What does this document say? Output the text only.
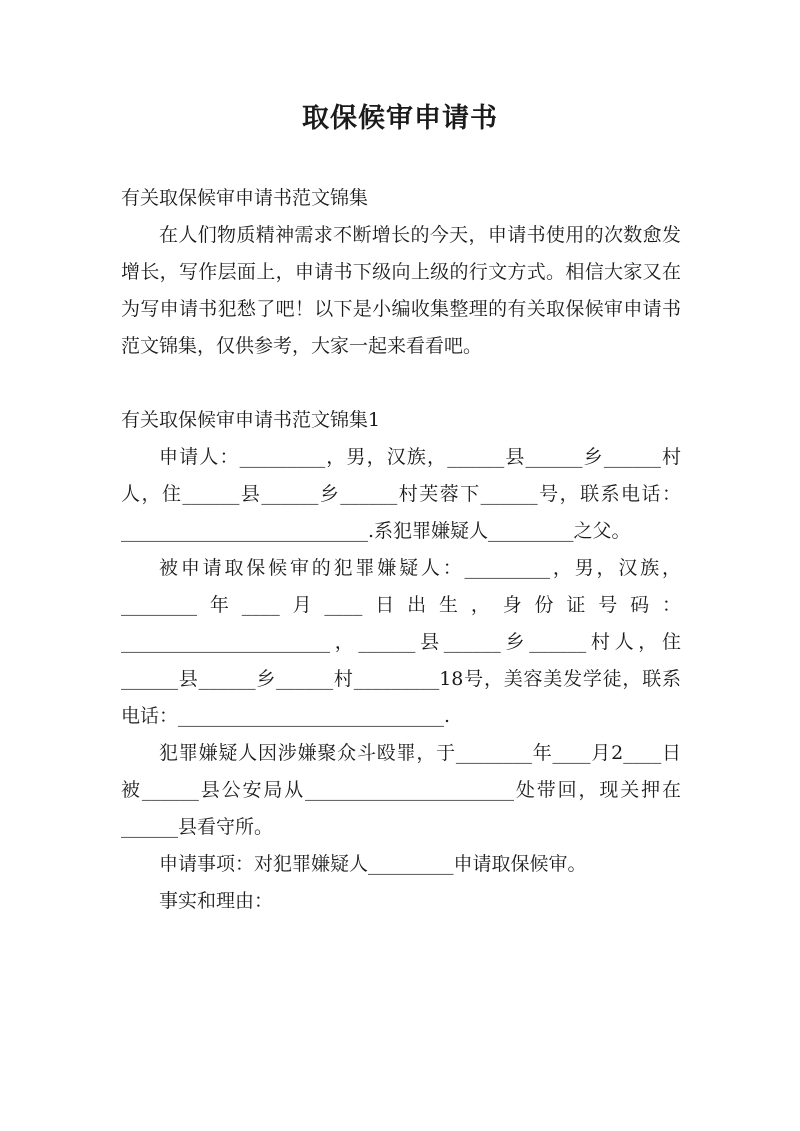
取保候审申请书

有关取保候审申请书范文锦集

在人们物质精神需求不断增长的今天，申请书使用的次数愈发增长，写作层面上，申请书下级向上级的行文方式。相信大家又在为写申请书犯愁了吧！以下是小编收集整理的有关取保候审申请书范文锦集，仅供参考，大家一起来看看吧。

有关取保候审申请书范文锦集1

申请人：_________，男，汉族，______县______乡______村人，住______县______乡______村芙蓉下______号，联系电话：__________________________.系犯罪嫌疑人_________之父。

被申请取保候审的犯罪嫌疑人：_________，男，汉族，________年____月____日出生，身份证号码：______________________，______县______乡______村人，住______县______乡______村_________18号，美容美发学徒，联系电话：____________________________.

犯罪嫌疑人因涉嫌聚众斗殴罪，于________年____月2____日被______县公安局从______________________处带回，现关押在______县看守所。

申请事项：对犯罪嫌疑人_________申请取保候审。

事实和理由：
